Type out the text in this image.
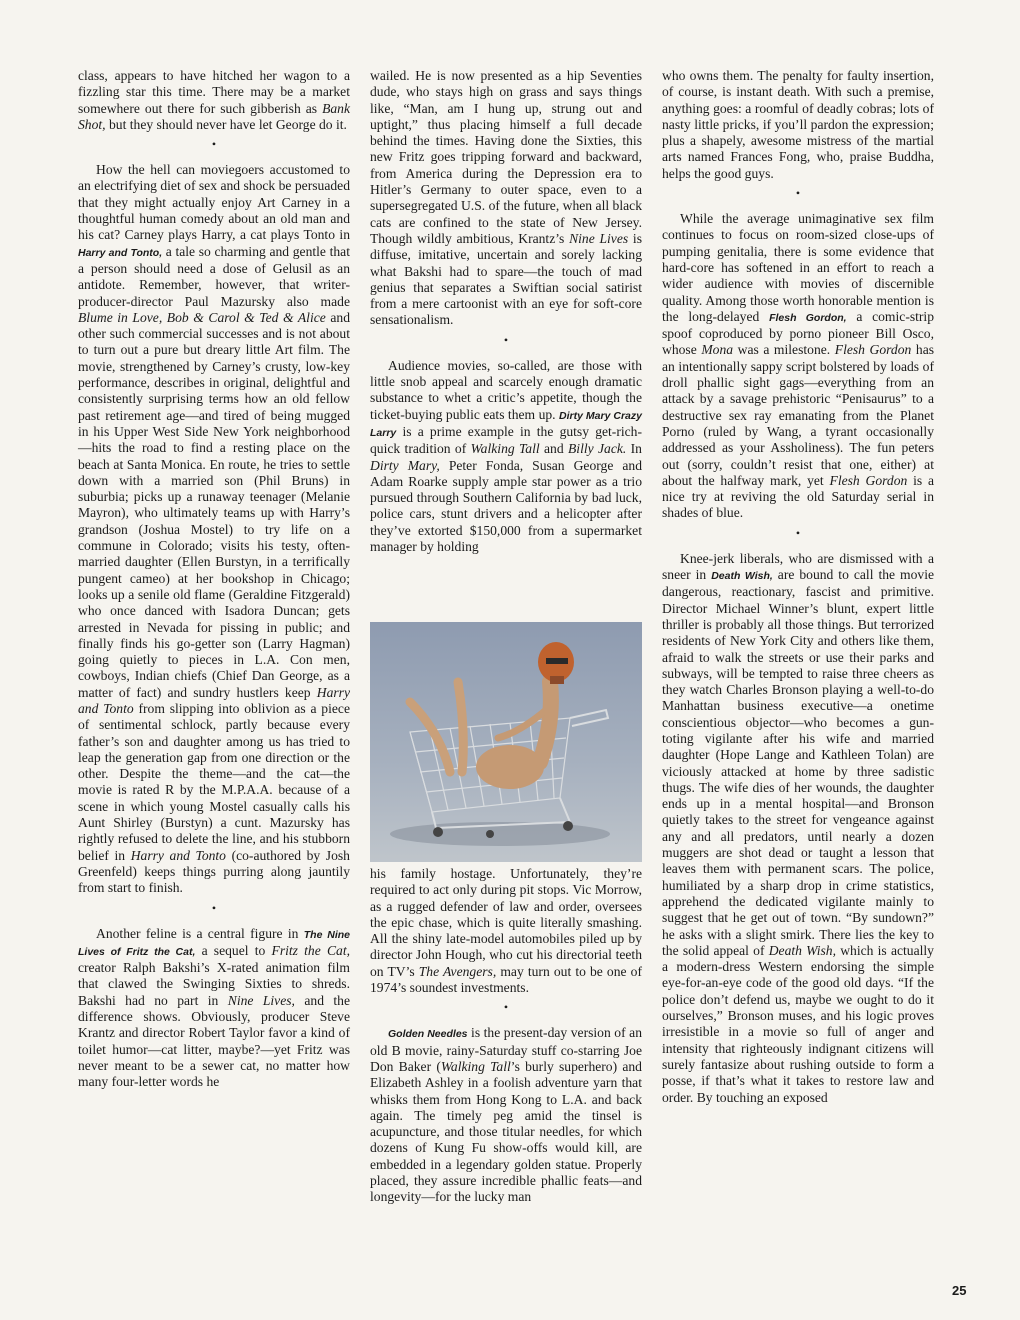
class, appears to have hitched her wagon to a fizzling star this time. There may be a market somewhere out there for such gibberish as Bank Shot, but they should never have let George do it.

•

How the hell can moviegoers accustomed to an electrifying diet of sex and shock be persuaded that they might actually enjoy Art Carney in a thoughtful human comedy about an old man and his cat? Carney plays Harry, a cat plays Tonto in Harry and Tonto, a tale so charming and gentle that a person should need a dose of Gelusil as an antidote. Remember, however, that writer-producer-director Paul Mazursky also made Blume in Love, Bob & Carol & Ted & Alice and other such commercial successes and is not about to turn out a pure but dreary little Art film. The movie, strengthened by Carney’s crusty, low-key performance, describes in original, delightful and consistently surprising terms how an old fellow past retirement age—and tired of being mugged in his Upper West Side New York neighborhood—hits the road to find a resting place on the beach at Santa Monica. En route, he tries to settle down with a married son (Phil Bruns) in suburbia; picks up a runaway teenager (Melanie Mayron), who ultimately teams up with Harry’s grandson (Joshua Mostel) to try life on a commune in Colorado; visits his testy, often-married daughter (Ellen Burstyn, in a terrifically pungent cameo) at her bookshop in Chicago; looks up a senile old flame (Geraldine Fitzgerald) who once danced with Isadora Duncan; gets arrested in Nevada for pissing in public; and finally finds his go-getter son (Larry Hagman) going quietly to pieces in L.A. Con men, cowboys, Indian chiefs (Chief Dan George, as a matter of fact) and sundry hustlers keep Harry and Tonto from slipping into oblivion as a piece of sentimental schlock, partly because every father’s son and daughter among us has tried to leap the generation gap from one direction or the other. Despite the theme—and the cat—the movie is rated R by the M.P.A.A. because of a scene in which young Mostel casually calls his Aunt Shirley (Burstyn) a cunt. Mazursky has rightly refused to delete the line, and his stubborn belief in Harry and Tonto (co-authored by Josh Greenfeld) keeps things purring along jauntily from start to finish.

•

Another feline is a central figure in The Nine Lives of Fritz the Cat, a sequel to Fritz the Cat, creator Ralph Bakshi’s X-rated animation film that clawed the Swinging Sixties to shreds. Bakshi had no part in Nine Lives, and the difference shows. Obviously, producer Steve Krantz and director Robert Taylor favor a kind of toilet humor—cat litter, maybe?—yet Fritz was never meant to be a sewer cat, no matter how many four-letter words he

wailed. He is now presented as a hip Seventies dude, who stays high on grass and says things like, “Man, am I hung up, strung out and uptight,” thus placing himself a full decade behind the times. Having done the Sixties, this new Fritz goes tripping forward and backward, from America during the Depression era to Hitler’s Germany to outer space, even to a supersegregated U.S. of the future, when all black cats are confined to the state of New Jersey. Though wildly ambitious, Krantz’s Nine Lives is diffuse, imitative, uncertain and sorely lacking what Bakshi had to spare—the touch of mad genius that separates a Swiftian social satirist from a mere cartoonist with an eye for soft-core sensationalism.

•

Audience movies, so-called, are those with little snob appeal and scarcely enough dramatic substance to whet a critic’s appetite, though the ticket-buying public eats them up. Dirty Mary Crazy Larry is a prime example in the gutsy get-rich-quick tradition of Walking Tall and Billy Jack. In Dirty Mary, Peter Fonda, Susan George and Adam Roarke supply ample star power as a trio pursued through Southern California by bad luck, police cars, stunt drivers and a helicopter after they’ve extorted $150,000 from a supermarket manager by holding

his family hostage. Unfortunately, they’re required to act only during pit stops. Vic Morrow, as a rugged defender of law and order, oversees the epic chase, which is quite literally smashing. All the shiny late-model automobiles piled up by director John Hough, who cut his directorial teeth on TV’s The Avengers, may turn out to be one of 1974’s soundest investments.

•

Golden Needles is the present-day version of an old B movie, rainy-Saturday stuff co-starring Joe Don Baker (Walking Tall’s burly superhero) and Elizabeth Ashley in a foolish adventure yarn that whisks them from Hong Kong to L.A. and back again. The timely peg amid the tinsel is acupuncture, and those titular needles, for which dozens of Kung Fu show-offs would kill, are embedded in a legendary golden statue. Properly placed, they assure incredible phallic feats—and longevity—for the lucky man

who owns them. The penalty for faulty insertion, of course, is instant death. With such a premise, anything goes: a roomful of deadly cobras; lots of nasty little pricks, if you’ll pardon the expression; plus a shapely, awesome mistress of the martial arts named Frances Fong, who, praise Buddha, helps the good guys.

•

While the average unimaginative sex film continues to focus on room-sized close-ups of pumping genitalia, there is some evidence that hard-core has softened in an effort to reach a wider audience with movies of discernible quality. Among those worth honorable mention is the long-delayed Flesh Gordon, a comic-strip spoof coproduced by porno pioneer Bill Osco, whose Mona was a milestone. Flesh Gordon has an intentionally sappy script bolstered by loads of droll phallic sight gags—everything from an attack by a savage prehistoric “Penisaurus” to a destructive sex ray emanating from the Planet Porno (ruled by Wang, a tyrant occasionally addressed as your Assholiness). The fun peters out (sorry, couldn’t resist that one, either) at about the halfway mark, yet Flesh Gordon is a nice try at reviving the old Saturday serial in shades of blue.

•

Knee-jerk liberals, who are dismissed with a sneer in Death Wish, are bound to call the movie dangerous, reactionary, fascist and primitive. Director Michael Winner’s blunt, expert little thriller is probably all those things. But terrorized residents of New York City and others like them, afraid to walk the streets or use their parks and subways, will be tempted to raise three cheers as they watch Charles Bronson playing a well-to-do Manhattan business executive—a onetime conscientious objector—who becomes a gun-toting vigilante after his wife and married daughter (Hope Lange and Kathleen Tolan) are viciously attacked at home by three sadistic thugs. The wife dies of her wounds, the daughter ends up in a mental hospital—and Bronson quietly takes to the street for vengeance against any and all predators, until nearly a dozen muggers are shot dead or taught a lesson that leaves them with permanent scars. The police, humiliated by a sharp drop in crime statistics, apprehend the dedicated vigilante mainly to suggest that he get out of town. “By sundown?” he asks with a slight smirk. There lies the key to the solid appeal of Death Wish, which is actually a modern-dress Western endorsing the simple eye-for-an-eye code of the good old days. “If the police don’t defend us, maybe we ought to do it ourselves,” Bronson muses, and his logic proves irresistible in a movie so full of anger and intensity that righteously indignant citizens will surely fantasize about rushing outside to form a posse, if that’s what it takes to restore law and order. By touching an exposed

25
